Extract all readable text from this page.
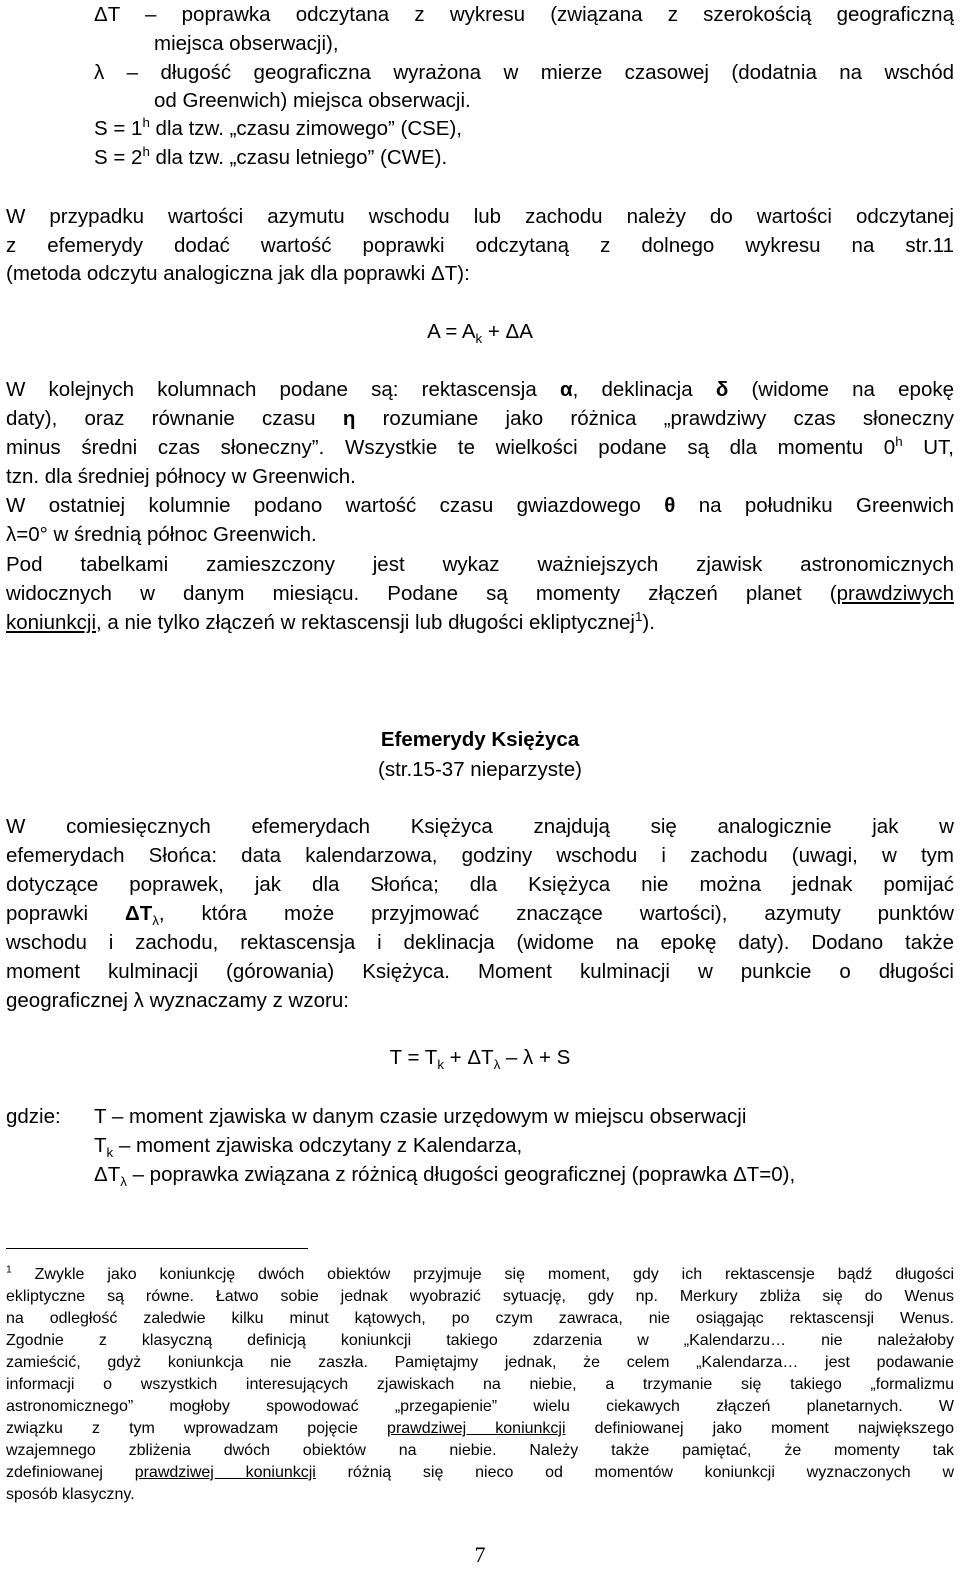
ΔT – poprawka odczytana z wykresu (związana z szerokością geograficzną
miejsca obserwacji),
λ – długość geograficzna wyrażona w mierze czasowej (dodatnia na wschód
od Greenwich) miejsca obserwacji.
$S = 1^h$ dla tzw. „czasu zimowego” (CSE),
$S = 2^h$ dla tzw. „czasu letniego” (CWE).
W przypadku wartości azymutu wschodu lub zachodu należy do wartości odczytanej
z efemerydy dodać wartość poprawki odczytaną z dolnego wykresu na str.11
(metoda odczytu analogiczna jak dla poprawki ΔT):
$A = A_k + \Delta A$
W kolejnych kolumnach podane są: rektascensja α, deklinacja δ (widome na epokę
daty), oraz równanie czasu η rozumiane jako różnica „prawdziwy czas słoneczny
minus średni czas słoneczny”. Wszystkie te wielkości podane są dla momentu 0$^h$ UT,
tzn. dla średniej północy w Greenwich.
W ostatniej kolumnie podano wartość czasu gwiazdowego θ na południku Greenwich
λ=0° w średnią północ Greenwich.
Pod tabelkami zamieszczony jest wykaz ważniejszych zjawisk astronomicznych
widocznych w danym miesiącu. Podane są momenty złączeń planet (prawdziwych
koniunkcji, a nie tylko złączeń w rektascensji lub długości ekliptycznej$^1$).
Efemerydy Księżyca
(str.15-37 nieparzyste)
W comiesięcznych efemerydach Księżyca znajdują się analogicznie jak w
efemerydach Słońca: data kalendarzowa, godziny wschodu i zachodu (uwagi, w tym
dotyczące poprawek, jak dla Słońca; dla Księżyca nie można jednak pomijać
poprawki $\Delta T_\lambda$, która może przyjmować znaczące wartości), azymuty punktów
wschodu i zachodu, rektascensja i deklinacja (widome na epokę daty). Dodano także
moment kulminacji (górowania) Księżyca. Moment kulminacji w punkcie o długości
geograficznej λ wyznaczamy z wzoru:
$T = T_k + \Delta T_\lambda - \lambda + S$
gdzie:	T – moment zjawiska w danym czasie urzędowym w miejscu obserwacji
$T_k$ – moment zjawiska odczytany z Kalendarza,
$\Delta T_\lambda$ – poprawka związana z różnicą długości geograficznej (poprawka ΔT=0),
$^1$ Zwykle jako koniunkcję dwóch obiektów przyjmuje się moment, gdy ich rektascensje bądź długości
ekliptyczne są równe. Łatwo sobie jednak wyobrazić sytuację, gdy np. Merkury zbliża się do Wenus
na odległość zaledwie kilku minut kątowych, po czym zawraca, nie osiągając rektascensji Wenus.
Zgodnie z klasyczną definicją koniunkcji takiego zdarzenia w „Kalendarzu… nie należałoby
zamieścić, gdyż koniunkcja nie zaszła. Pamiętajmy jednak, że celem „Kalendarza… jest podawanie
informacji o wszystkich interesujących zjawiskach na niebie, a trzymanie się takiego „formalizmu
astronomicznego” mogłoby spowodować „przegapienie” wielu ciekawych złączeń planetarnych. W
związku z tym wprowadzam pojęcie prawdziwej koniunkcji definiowanej jako moment największego
wzajemnego zbliżenia dwóch obiektów na niebie. Należy także pamiętać, że momenty tak
zdefiniowanej prawdziwej koniunkcji różnią się nieco od momentów koniunkcji wyznaczonych w
sposób klasyczny.
7
